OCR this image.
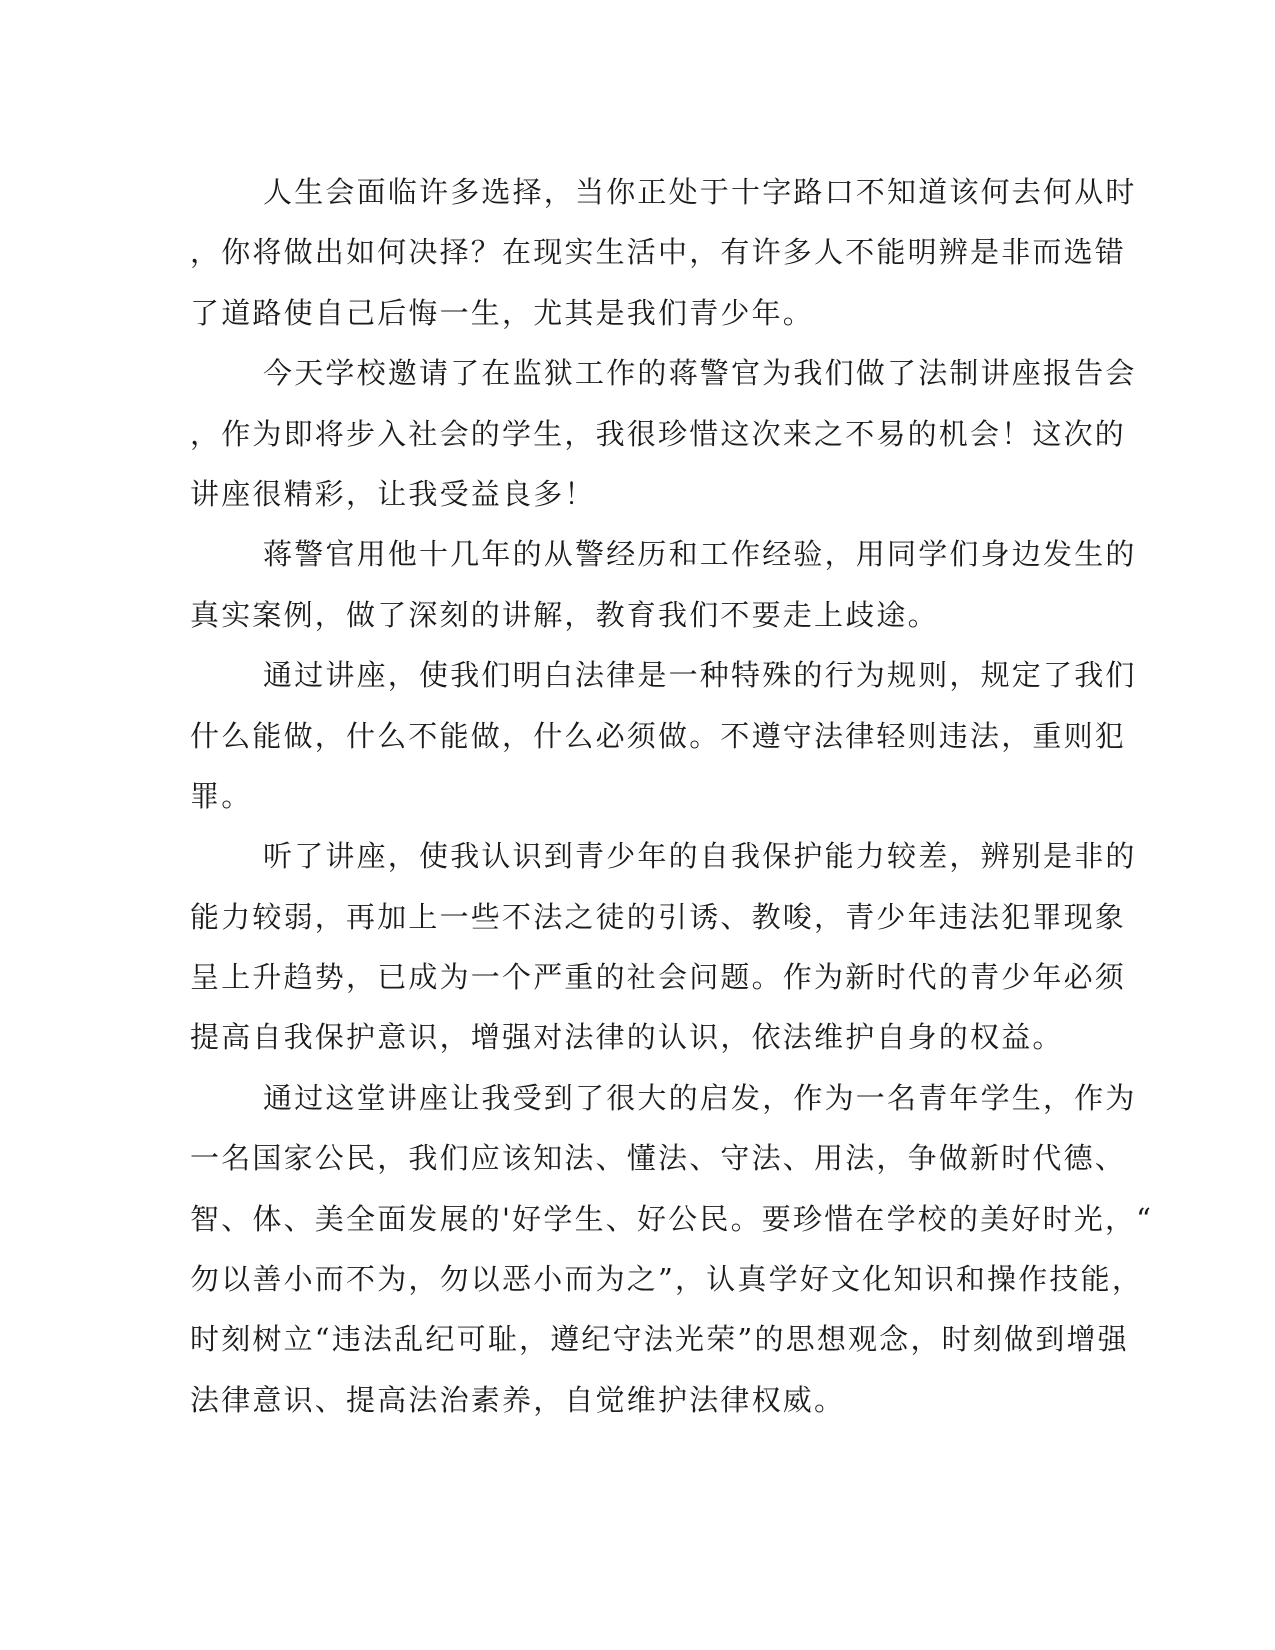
人生会面临许多选择，当你正处于十字路口不知道该何去何从时
，你将做出如何决择？在现实生活中，有许多人不能明辨是非而选错
了道路使自己后悔一生，尤其是我们青少年。

今天学校邀请了在监狱工作的蒋警官为我们做了法制讲座报告会
，作为即将步入社会的学生，我很珍惜这次来之不易的机会！这次的
讲座很精彩，让我受益良多！

蒋警官用他十几年的从警经历和工作经验，用同学们身边发生的
真实案例，做了深刻的讲解，教育我们不要走上歧途。

通过讲座，使我们明白法律是一种特殊的行为规则，规定了我们
什么能做，什么不能做，什么必须做。不遵守法律轻则违法，重则犯
罪。

听了讲座，使我认识到青少年的自我保护能力较差，辨别是非的
能力较弱，再加上一些不法之徒的引诱、教唆，青少年违法犯罪现象
呈上升趋势，已成为一个严重的社会问题。作为新时代的青少年必须
提高自我保护意识，增强对法律的认识，依法维护自身的权益。

通过这堂讲座让我受到了很大的启发，作为一名青年学生，作为
一名国家公民，我们应该知法、懂法、守法、用法，争做新时代德、
智、体、美全面发展的'好学生、好公民。要珍惜在学校的美好时光，“
勿以善小而不为，勿以恶小而为之”，认真学好文化知识和操作技能，
时刻树立“违法乱纪可耻，遵纪守法光荣”的思想观念，时刻做到增强
法律意识、提高法治素养，自觉维护法律权威。
